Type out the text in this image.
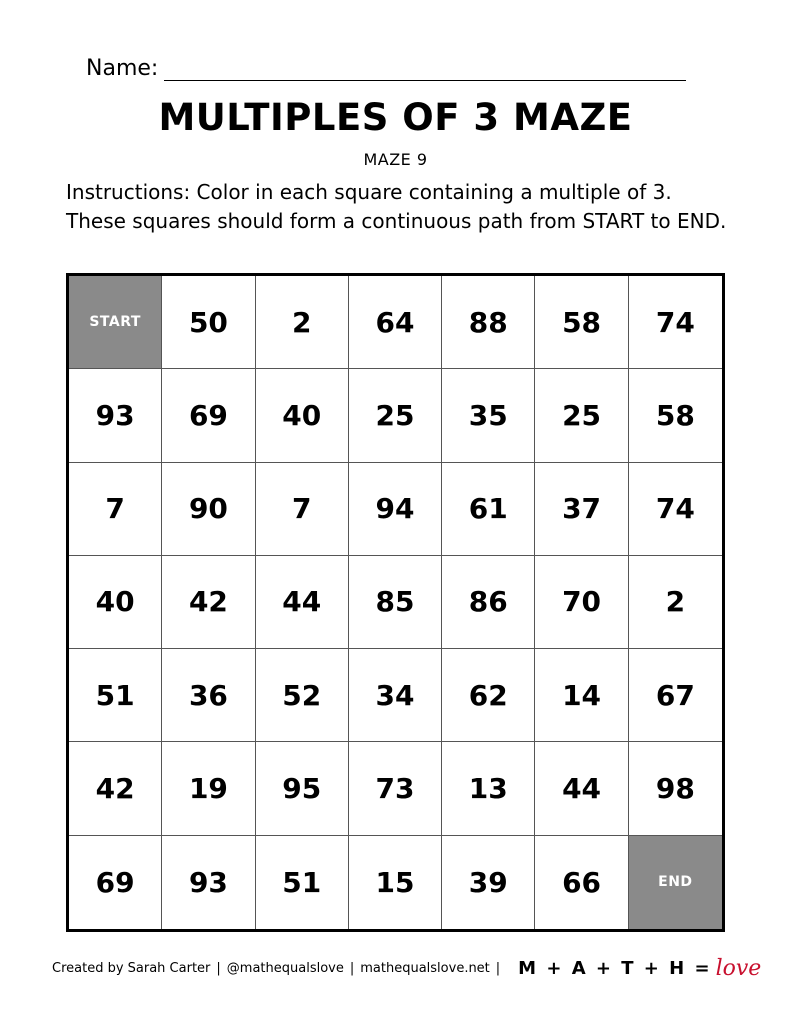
Name:
MULTIPLES OF 3 MAZE
MAZE 9
Instructions: Color in each square containing a multiple of 3. These squares should form a continuous path from START to END.
START	50	2	64	88	58	74
93	69	40	25	35	25	58
7	90	7	94	61	37	74
40	42	44	85	86	70	2
51	36	52	34	62	14	67
42	19	95	73	13	44	98
69	93	51	15	39	66	END
Created by Sarah Carter | @mathequalslove | mathequalslove.net | M + A + T + H = love
